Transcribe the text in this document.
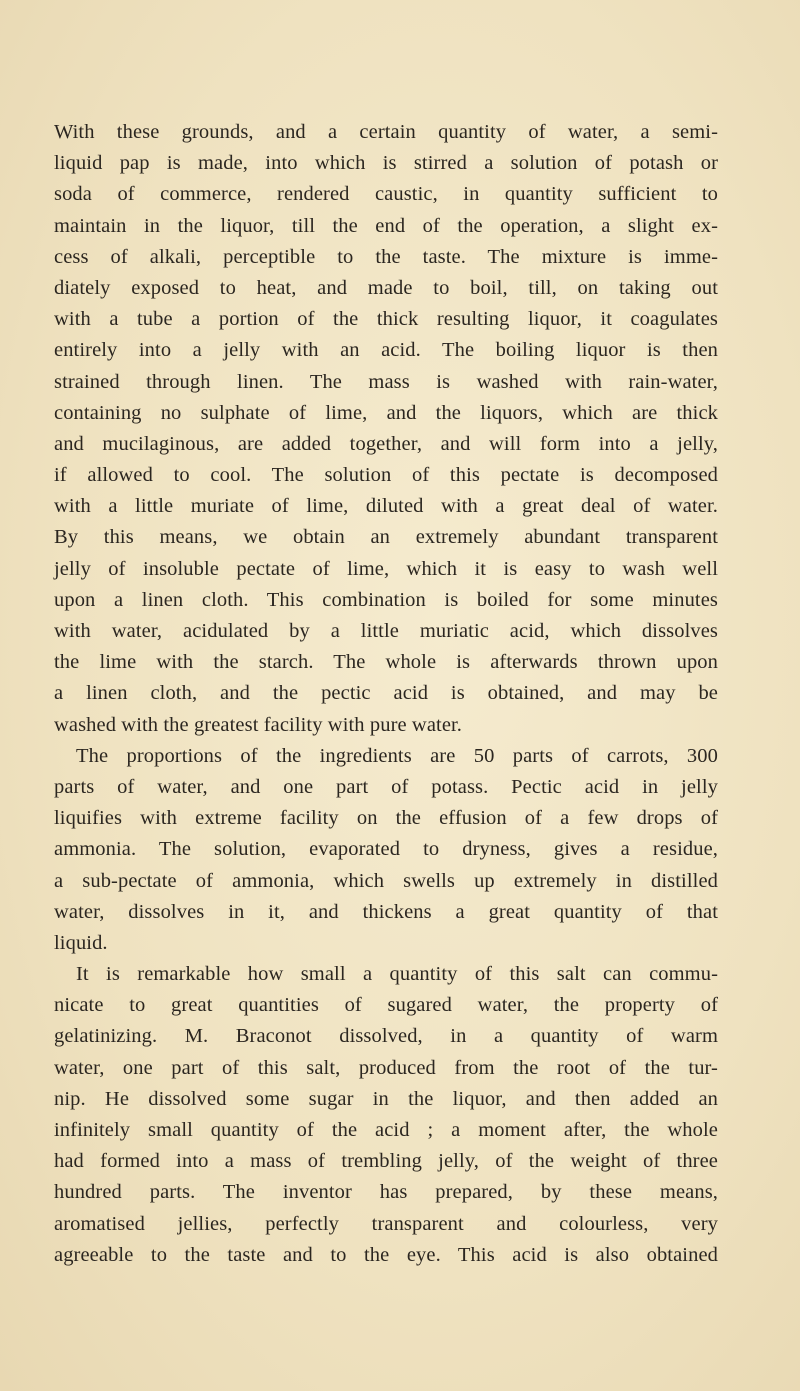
With these grounds, and a certain quantity of water, a semi-
liquid pap is made, into which is stirred a solution of potash or
soda of commerce, rendered caustic, in quantity sufficient to
maintain in the liquor, till the end of the operation, a slight ex-
cess of alkali, perceptible to the taste. The mixture is imme-
diately exposed to heat, and made to boil, till, on taking out
with a tube a portion of the thick resulting liquor, it coagulates
entirely into a jelly with an acid. The boiling liquor is then
strained through linen. The mass is washed with rain-water,
containing no sulphate of lime, and the liquors, which are thick
and mucilaginous, are added together, and will form into a jelly,
if allowed to cool. The solution of this pectate is decomposed
with a little muriate of lime, diluted with a great deal of water.
By this means, we obtain an extremely abundant transparent
jelly of insoluble pectate of lime, which it is easy to wash well
upon a linen cloth. This combination is boiled for some minutes
with water, acidulated by a little muriatic acid, which dissolves
the lime with the starch. The whole is afterwards thrown upon
a linen cloth, and the pectic acid is obtained, and may be
washed with the greatest facility with pure water.
The proportions of the ingredients are 50 parts of carrots, 300
parts of water, and one part of potass. Pectic acid in jelly
liquifies with extreme facility on the effusion of a few drops of
ammonia. The solution, evaporated to dryness, gives a residue,
a sub-pectate of ammonia, which swells up extremely in distilled
water, dissolves in it, and thickens a great quantity of that
liquid.
It is remarkable how small a quantity of this salt can commu-
nicate to great quantities of sugared water, the property of
gelatinizing. M. Braconot dissolved, in a quantity of warm
water, one part of this salt, produced from the root of the tur-
nip. He dissolved some sugar in the liquor, and then added an
infinitely small quantity of the acid ; a moment after, the whole
had formed into a mass of trembling jelly, of the weight of three
hundred parts. The inventor has prepared, by these means,
aromatised jellies, perfectly transparent and colourless, very
agreeable to the taste and to the eye. This acid is also obtained
